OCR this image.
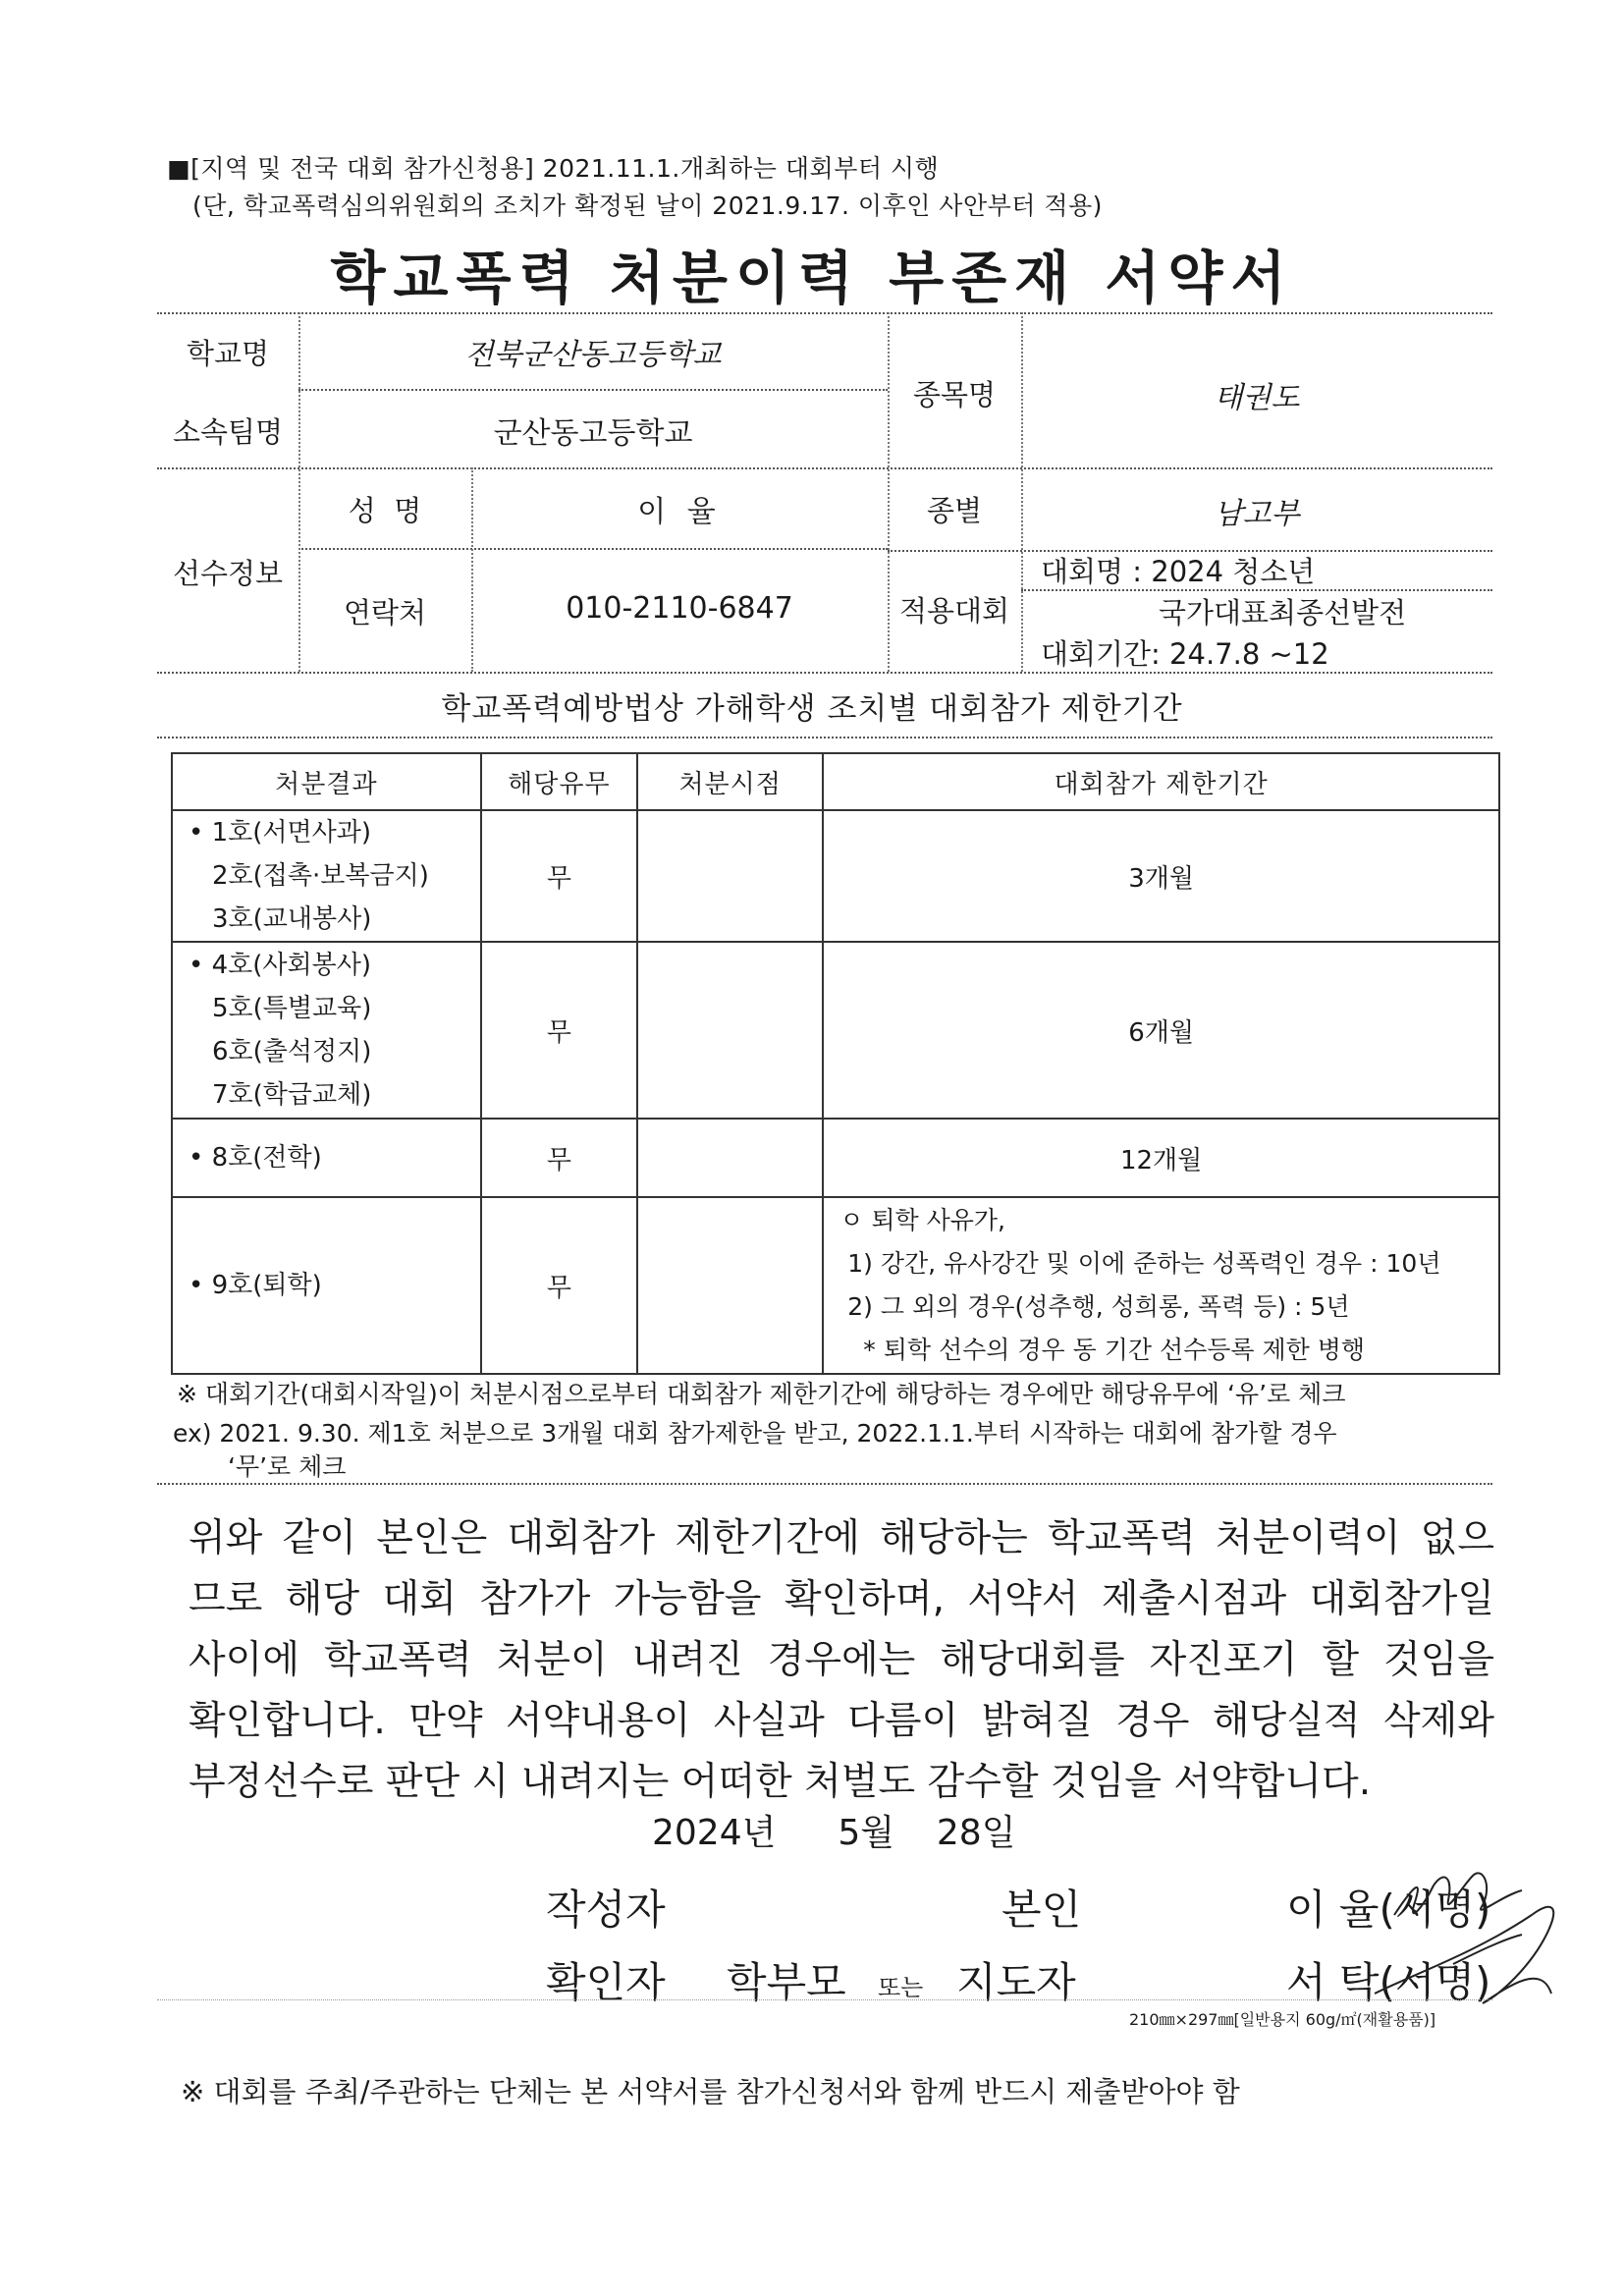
■[지역 및 전국 대회 참가신청용] 2021.11.1.개최하는 대회부터 시행
(단, 학교폭력심의위원회의 조치가 확정된 날이 2021.9.17. 이후인 사안부터 적용)
학교폭력 처분이력 부존재 서약서
학교명	전북군산동고등학교
소속팀명	군산동고등학교
종목명	태권도
선수정보
성  명	이 율	종별	남고부
연락처	010-2110-6847	적용대회
대회명 : 2024 청소년
국가대표최종선발전
대회기간: 24.7.8 ~12
학교폭력예방법상 가해학생 조치별 대회참가 제한기간
처분결과	해당유무	처분시점	대회참가 제한기간

• 1호(서면사과)
2호(접촉·보복금지)
3호(교내봉사)	무		3개월

• 4호(사회봉사)
5호(특별교육)
6호(출석정지)
7호(학급교체)	무		6개월

• 8호(전학)	무		12개월

• 9호(퇴학)	무		ㅇ 퇴학 사유가,
1) 강간, 유사강간 및 이에 준하는 성폭력인 경우 : 10년
2) 그 외의 경우(성추행, 성희롱, 폭력 등) : 5년
* 퇴학 선수의 경우 동 기간 선수등록 제한 병행
※ 대회기간(대회시작일)이 처분시점으로부터 대회참가 제한기간에 해당하는 경우에만 해당유무에 ‘유’로 체크
ex) 2021. 9.30. 제1호 처분으로 3개월 대회 참가제한을 받고, 2022.1.1.부터 시작하는 대회에 참가할 경우
‘무’로 체크

위와 같이 본인은 대회참가 제한기간에 해당하는 학교폭력 처분이력이 없으

므로 해당 대회 참가가 가능함을 확인하며, 서약서 제출시점과 대회참가일

사이에 학교폭력 처분이 내려진 경우에는 해당대회를 자진포기 할 것임을

확인합니다. 만약 서약내용이 사실과 다름이 밝혀질 경우 해당실적 삭제와

부정선수로 판단 시 내려지는 어떠한 처벌도 감수할 것임을 서약합니다.

2024년 5월 28일
작성자	본인	이 율(서명)
확인자 학부모 또는 지도자	서 탁(서명)
210㎜×297㎜[일반용지 60g/㎡(재활용품)]
※ 대회를 주최/주관하는 단체는 본 서약서를 참가신청서와 함께 반드시 제출받아야 함
